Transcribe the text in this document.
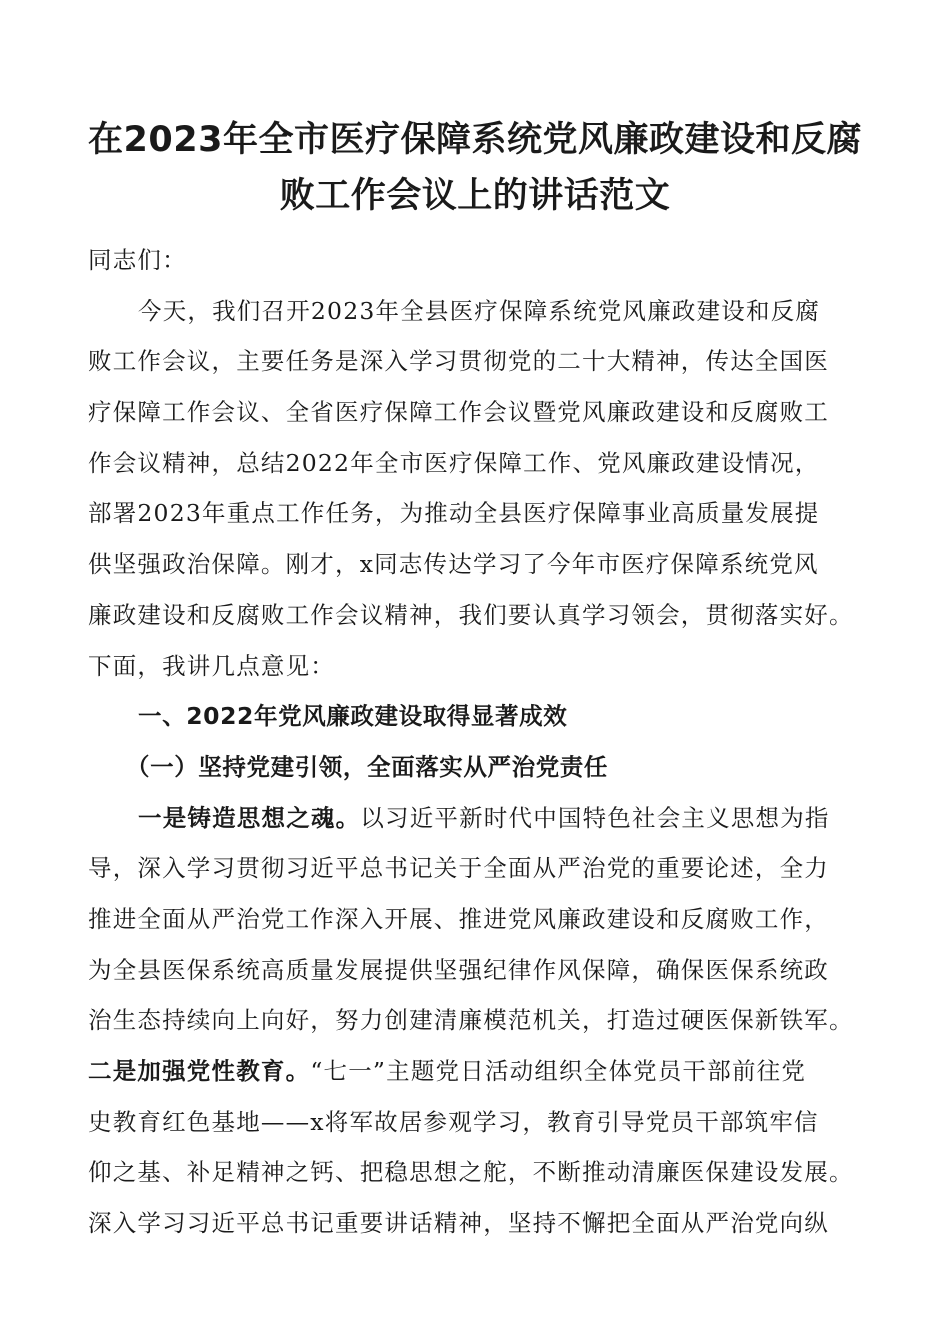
在2023年全市医疗保障系统党风廉政建设和反腐
败工作会议上的讲话范文
同志们：
今天，我们召开2023年全县医疗保障系统党风廉政建设和反腐
败工作会议，主要任务是深入学习贯彻党的二十大精神，传达全国医
疗保障工作会议、全省医疗保障工作会议暨党风廉政建设和反腐败工
作会议精神，总结2022年全市医疗保障工作、党风廉政建设情况，
部署2023年重点工作任务，为推动全县医疗保障事业高质量发展提
供坚强政治保障。刚才，x同志传达学习了今年市医疗保障系统党风
廉政建设和反腐败工作会议精神，我们要认真学习领会，贯彻落实好。
下面，我讲几点意见：
一、2022年党风廉政建设取得显著成效
（一）坚持党建引领，全面落实从严治党责任
一是铸造思想之魂。以习近平新时代中国特色社会主义思想为指
导，深入学习贯彻习近平总书记关于全面从严治党的重要论述，全力
推进全面从严治党工作深入开展、推进党风廉政建设和反腐败工作，
为全县医保系统高质量发展提供坚强纪律作风保障，确保医保系统政
治生态持续向上向好，努力创建清廉模范机关，打造过硬医保新铁军。
二是加强党性教育。“七一”主题党日活动组织全体党员干部前往党
史教育红色基地——x将军故居参观学习，教育引导党员干部筑牢信
仰之基、补足精神之钙、把稳思想之舵，不断推动清廉医保建设发展。
深入学习习近平总书记重要讲话精神，坚持不懈把全面从严治党向纵
